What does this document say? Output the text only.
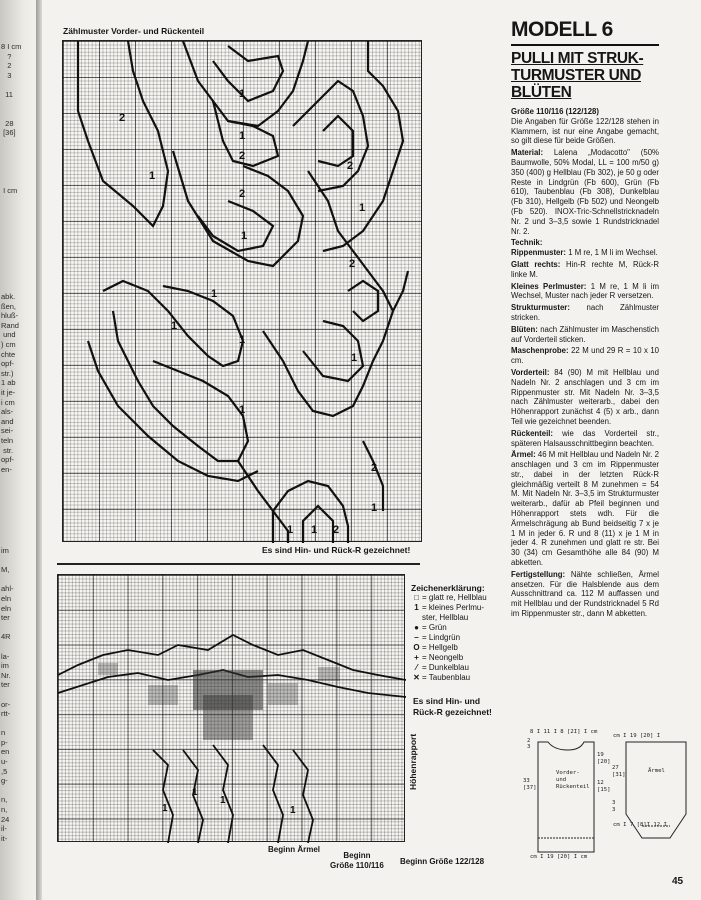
8 I cm
?
2
3

11

28
[36]

I cm
abk.
ßen,
hluß-
Rand
und
) cm
chte
opf-
str.)
1 ab
it je-
i cm
als-
and
sei-
teln
str.
opf-
en-
im

M,

ahl-
eln
eln
ter

4R

la-
im
Nr.
ter

or-
rtt-

n
p-
en
u-
,5
g-

n,
n,
24
il-
it-
Zählmuster Vorder- und Rückenteil
2
1
1
2
1
2
1
2
1
1
2
1
1
1
1
2
1 1 2
1
Es sind Hin- und Rück-R gezeichnet!
1
1
1
1
Zeichenerklärung:
□ = glatt re, Hellblau
1 = kleines Perlmu-
ster, Hellblau
● = Grün
– = Lindgrün
O = Hellgelb
+ = Neongelb
⁄ = Dunkelblau
✕ = Taubenblau
Es sind Hin- und
Rück-R gezeichnet!
Höhenrapport
Beginn Ärmel
Beginn
Größe 110/116 Beginn Größe 122/128
MODELL 6
PULLI MIT STRUK-
TURMUSTER UND
BLÜTEN

Größe 110/116 (122/128)
Die Angaben für Größe 122/128 stehen in Klammern, ist nur eine Angabe gemacht, so gilt diese für beide Größen.

Material: Lalena „Modacotto" (50% Baumwolle, 50% Modal, LL = 100 m/50 g) 350 (400) g Hellblau (Fb 302), je 50 g oder Reste in Lindgrün (Fb 600), Grün (Fb 610), Taubenblau (Fb 308), Dunkelblau (Fb 310), Hellgelb (Fb 502) und Neongelb (Fb 520). INOX-Tric-Schnellstricknadeln Nr. 2 und 3–3,5 sowie 1 Rundstricknadel Nr. 2.

Technik:

Rippenmuster: 1 M re, 1 M li im Wechsel.

Glatt rechts: Hin-R rechte M, Rück-R linke M.

Kleines Perlmuster: 1 M re, 1 M li im Wechsel, Muster nach jeder R versetzen.

Strukturmuster: nach Zählmuster stricken.

Blüten: nach Zählmuster im Maschenstich auf Vorderteil sticken.

Maschenprobe: 22 M und 29 R = 10 x 10 cm.

Vorderteil: 84 (90) M mit Hellblau und Nadeln Nr. 2 anschlagen und 3 cm im Rippenmuster str. Mit Nadeln Nr. 3–3,5 nach Zählmuster weiterarb., dabei den Höhenrapport zunächst 4 (5) x arb., dann Teil wie gezeichnet beenden.

Rückenteil: wie das Vorderteil str., späteren Halsausschnittbeginn beachten.

Ärmel: 46 M mit Hellblau und Nadeln Nr. 2 anschlagen und 3 cm im Rippenmuster str., dabei in der letzten Rück-R gleichmäßig verteilt 8 M zunehmen = 54 M. Mit Nadeln Nr. 3–3,5 im Strukturmuster weiterarb., dafür ab Pfeil beginnen und Höhenrapport stets wdh. Für die Ärmelschrägung ab Bund beidseitig 7 x je 1 M in jeder 6. R und 8 (11) x je 1 M in jeder 4. R zunehmen und glatt re str. Bei 30 (34) cm Gesamthöhe alle 84 (90) M abketten.

Fertigstellung: Nähte schließen, Ärmel ansetzen. Für die Halsblende aus dem Ausschnittrand ca. 112 M auffassen und mit Hellblau und der Rundstricknadel 5 Rd im Rippenmuster str., dann M abketten.

8 I 11 I 8 [2I] I cm
Vorder-
und
Rückenteil
2
3
33
[37]
19
[20]

12
[15]
cm I 19 [20] I cm
cm I 19 [20] I
Ärmel
27
[31]

3
3
cm I 7 [8]I 12 I
45
